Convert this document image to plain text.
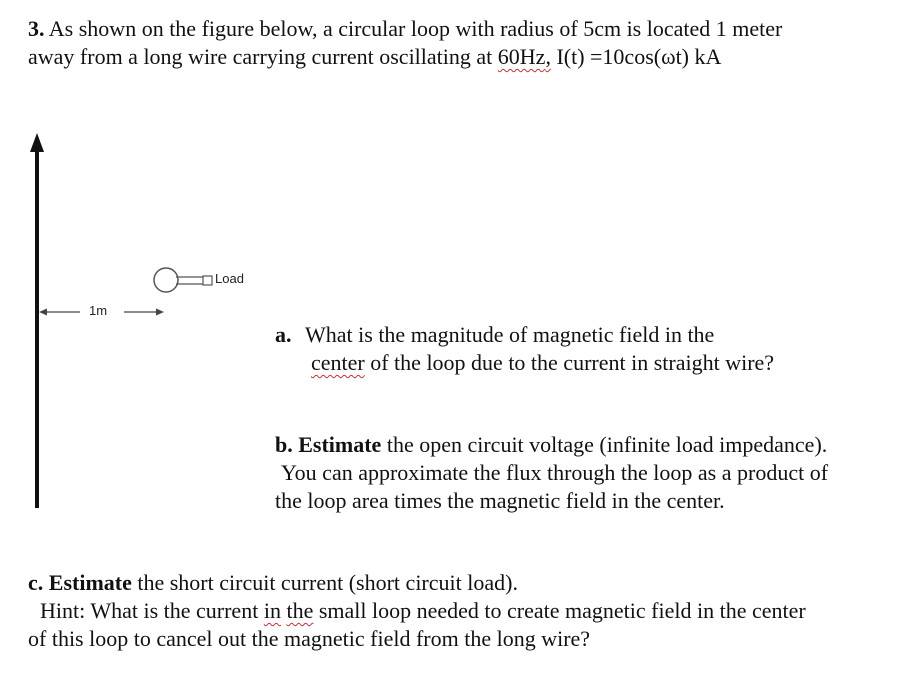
3. As shown on the figure below, a circular loop with radius of 5cm is located 1 meter
away from a long wire carrying current oscillating at 60Hz, I(t) =10cos(ωt) kA
1m
Load
a. What is the magnitude of magnetic field in the
center of the loop due to the current in straight wire?
b. Estimate the open circuit voltage (infinite load impedance).
You can approximate the flux through the loop as a product of
the loop area times the magnetic field in the center.
c. Estimate the short circuit current (short circuit load).
Hint: What is the current in the small loop needed to create magnetic field in the center
of this loop to cancel out the magnetic field from the long wire?
